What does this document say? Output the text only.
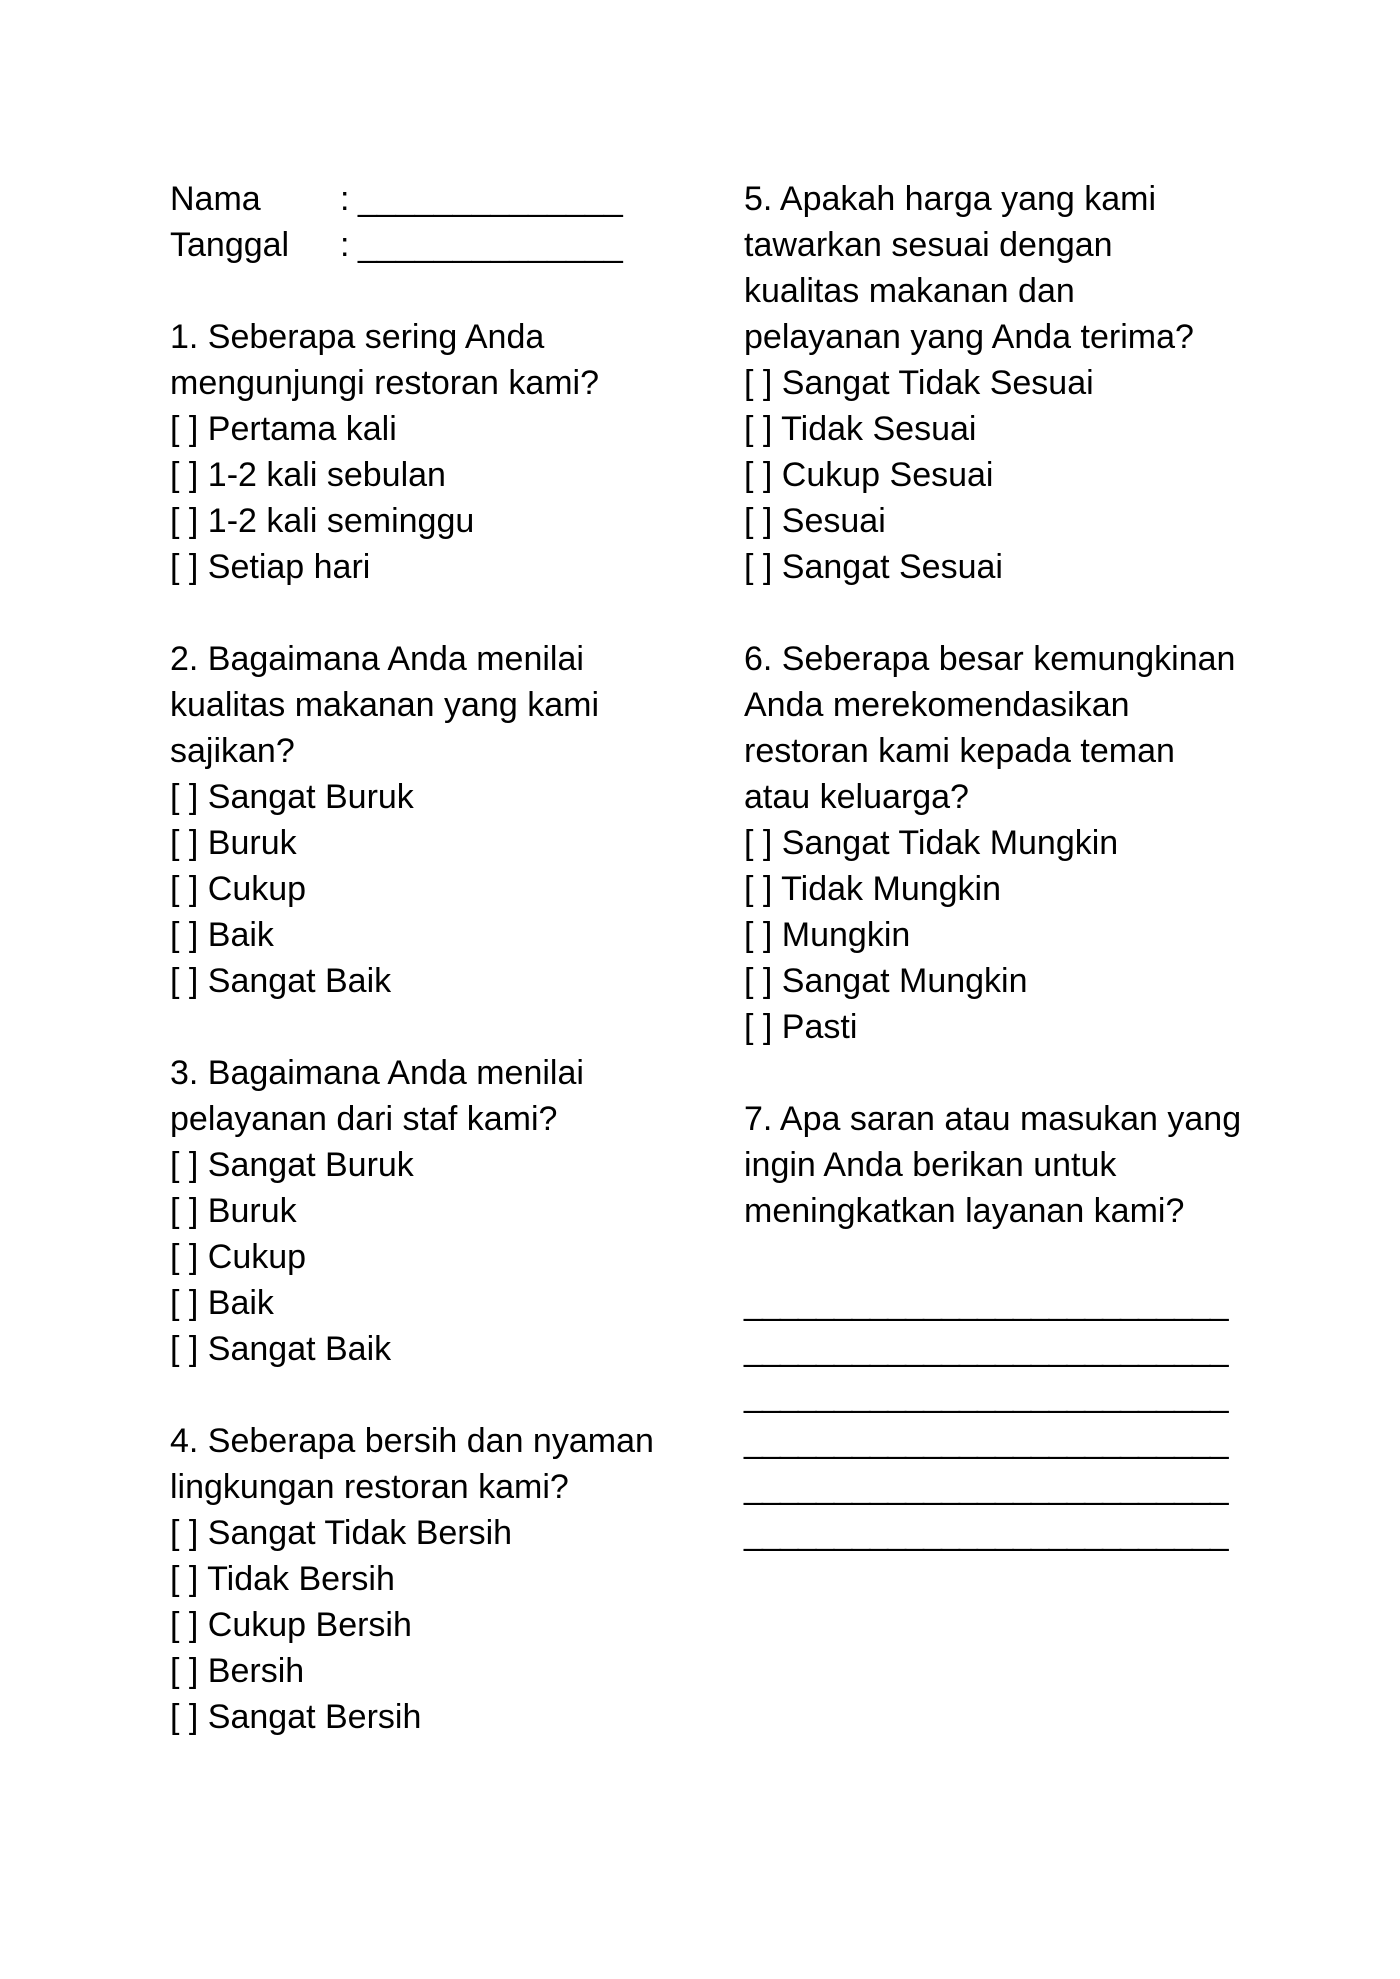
Nama	: ______________
Tanggal	: ______________

1. Seberapa sering Anda mengunjungi restoran kami?

[ ] Pertama kali
[ ] 1-2 kali sebulan
[ ] 1-2 kali seminggu
[ ] Setiap hari

2. Bagaimana Anda menilai kualitas makanan yang kami sajikan?

[ ] Sangat Buruk
[ ] Buruk
[ ] Cukup
[ ] Baik
[ ] Sangat Baik

3. Bagaimana Anda menilai pelayanan dari staf kami?

[ ] Sangat Buruk
[ ] Buruk
[ ] Cukup
[ ] Baik
[ ] Sangat Baik

4. Seberapa bersih dan nyaman lingkungan restoran kami?

[ ] Sangat Tidak Bersih
[ ] Tidak Bersih
[ ] Cukup Bersih
[ ] Bersih
[ ] Sangat Bersih

5. Apakah harga yang kami tawarkan sesuai dengan kualitas makanan dan pelayanan yang Anda terima?

[ ] Sangat Tidak Sesuai
[ ] Tidak Sesuai
[ ] Cukup Sesuai
[ ] Sesuai
[ ] Sangat Sesuai

6. Seberapa besar kemungkinan Anda merekomendasikan restoran kami kepada teman atau keluarga?

[ ] Sangat Tidak Mungkin
[ ] Tidak Mungkin
[ ] Mungkin
[ ] Sangat Mungkin
[ ] Pasti

7. Apa saran atau masukan yang ingin Anda berikan untuk meningkatkan layanan kami?

___________________________
___________________________
___________________________
___________________________
___________________________
___________________________
